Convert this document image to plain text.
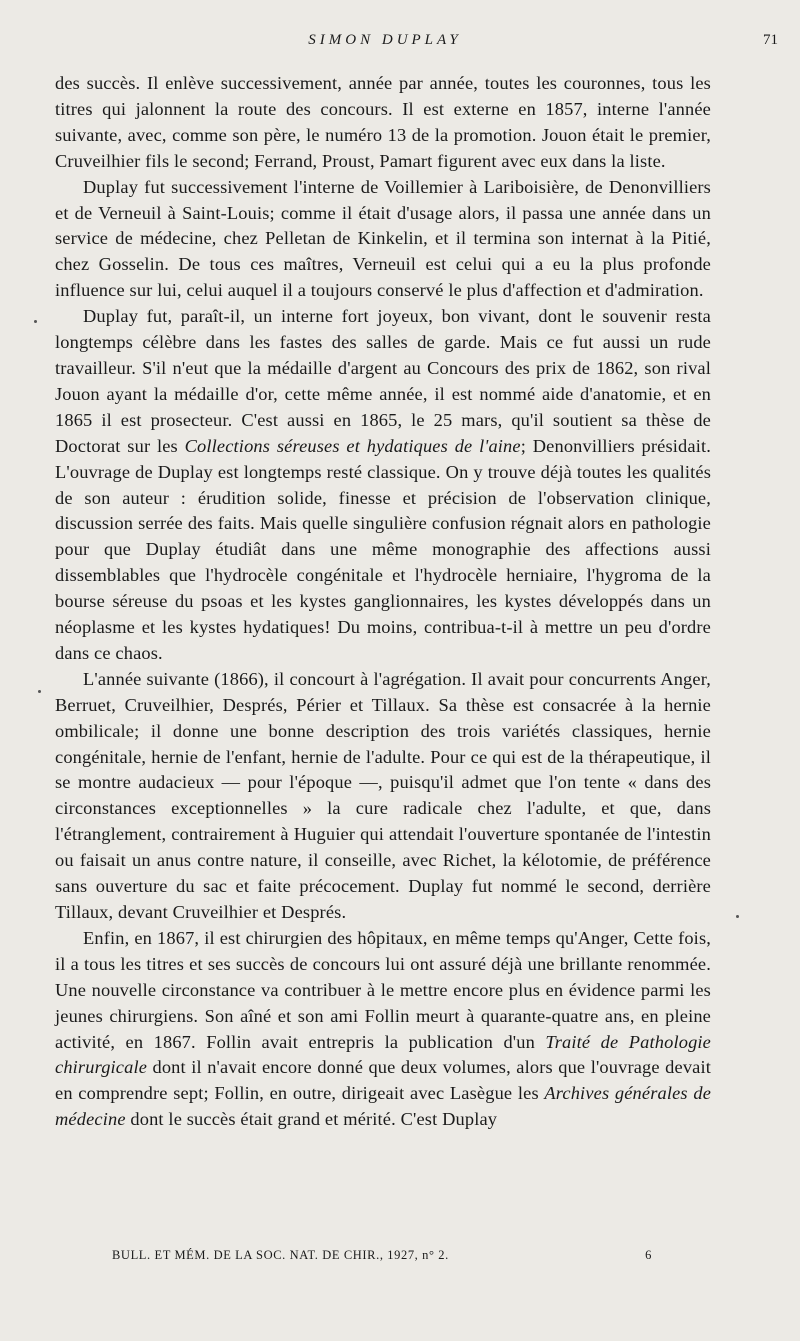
SIMON DUPLAY	71

des succès. Il enlève successivement, année par année, toutes les couronnes, tous les titres qui jalonnent la route des concours. Il est externe en 1857, interne l'année suivante, avec, comme son père, le numéro 13 de la promotion. Jouon était le premier, Cruveilhier fils le second; Ferrand, Proust, Pamart figurent avec eux dans la liste.

Duplay fut successivement l'interne de Voillemier à Lariboisière, de Denonvilliers et de Verneuil à Saint-Louis; comme il était d'usage alors, il passa une année dans un service de médecine, chez Pelletan de Kinkelin, et il termina son internat à la Pitié, chez Gosselin. De tous ces maîtres, Verneuil est celui qui a eu la plus profonde influence sur lui, celui auquel il a toujours conservé le plus d'affection et d'admiration.

Duplay fut, paraît-il, un interne fort joyeux, bon vivant, dont le souvenir resta longtemps célèbre dans les fastes des salles de garde. Mais ce fut aussi un rude travailleur. S'il n'eut que la médaille d'argent au Concours des prix de 1862, son rival Jouon ayant la médaille d'or, cette même année, il est nommé aide d'anatomie, et en 1865 il est prosecteur. C'est aussi en 1865, le 25 mars, qu'il soutient sa thèse de Doctorat sur les Collections séreuses et hydatiques de l'aine; Denonvilliers présidait. L'ouvrage de Duplay est longtemps resté classique. On y trouve déjà toutes les qualités de son auteur : érudition solide, finesse et précision de l'observation clinique, discussion serrée des faits. Mais quelle singulière confusion régnait alors en pathologie pour que Duplay étudiât dans une même monographie des affections aussi dissemblables que l'hydrocèle congénitale et l'hydrocèle herniaire, l'hygroma de la bourse séreuse du psoas et les kystes ganglionnaires, les kystes développés dans un néoplasme et les kystes hydatiques! Du moins, contribua-t-il à mettre un peu d'ordre dans ce chaos.

L'année suivante (1866), il concourt à l'agrégation. Il avait pour concurrents Anger, Berruet, Cruveilhier, Després, Périer et Tillaux. Sa thèse est consacrée à la hernie ombilicale; il donne une bonne description des trois variétés classiques, hernie congénitale, hernie de l'enfant, hernie de l'adulte. Pour ce qui est de la thérapeutique, il se montre audacieux — pour l'époque —, puisqu'il admet que l'on tente « dans des circonstances exceptionnelles » la cure radicale chez l'adulte, et que, dans l'étranglement, contrairement à Huguier qui attendait l'ouverture spontanée de l'intestin ou faisait un anus contre nature, il conseille, avec Richet, la kélotomie, de préférence sans ouverture du sac et faite précocement. Duplay fut nommé le second, derrière Tillaux, devant Cruveilhier et Després.

Enfin, en 1867, il est chirurgien des hôpitaux, en même temps qu'Anger, Cette fois, il a tous les titres et ses succès de concours lui ont assuré déjà une brillante renommée. Une nouvelle circonstance va contribuer à le mettre encore plus en évidence parmi les jeunes chirurgiens. Son aîné et son ami Follin meurt à quarante-quatre ans, en pleine activité, en 1867. Follin avait entrepris la publication d'un Traité de Pathologie chirurgicale dont il n'avait encore donné que deux volumes, alors que l'ouvrage devait en comprendre sept; Follin, en outre, dirigeait avec Lasègue les Archives générales de médecine dont le succès était grand et mérité. C'est Duplay

BULL. ET MÉM. DE LA SOC. NAT. DE CHIR., 1927, n° 2.	6
